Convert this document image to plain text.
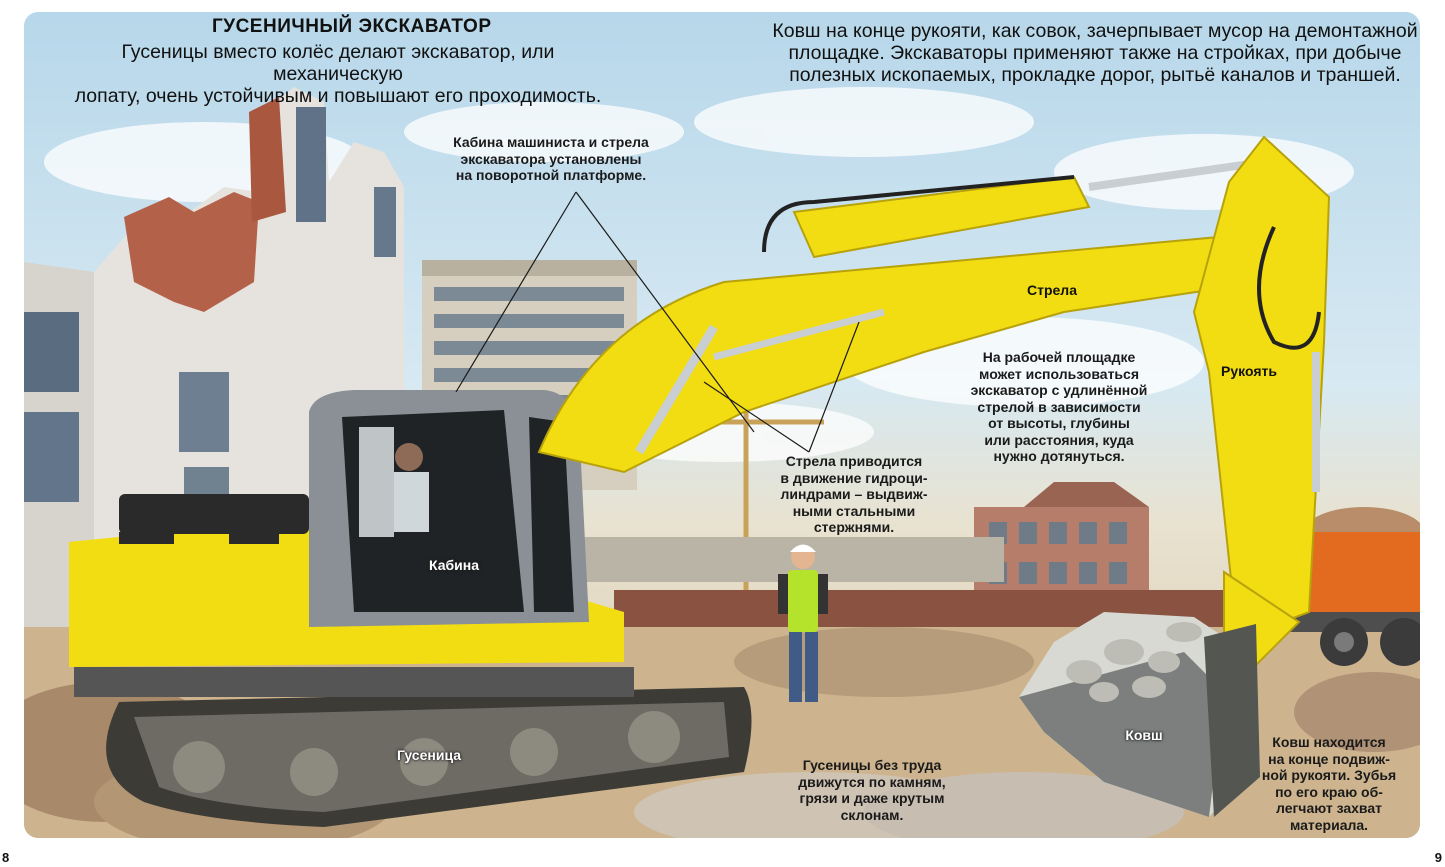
ГУСЕНИЧНЫЙ ЭКСКАВАТОР
Гусеницы вместо колёс делают экскаватор, или механическую
лопату, очень устойчивым и повышают его проходимость.
Ковш на конце рукояти, как совок, зачерпывает мусор на демонтажной
площадке. Экскаваторы применяют также на стройках, при добыче
полезных ископаемых, прокладке дорог, рытьё каналов и траншей.
Кабина машиниста и стрела
экскаватора установлены
на поворотной платформе.
Стрела приводится
в движение гидроци-
линдрами – выдвиж-
ными стальными
стержнями.
На рабочей площадке
может использоваться
экскаватор с удлинённой
стрелой в зависимости
от высоты, глубины
или расстояния, куда
нужно дотянуться.
Гусеницы без труда
движутся по камням,
грязи и даже крутым
склонам.
Ковш находится
на конце подвиж-
ной рукояти. Зубья
по его краю об-
легчают захват
материала.
Стрела
Рукоять
Кабина
Гусеница
Ковш
8	9
